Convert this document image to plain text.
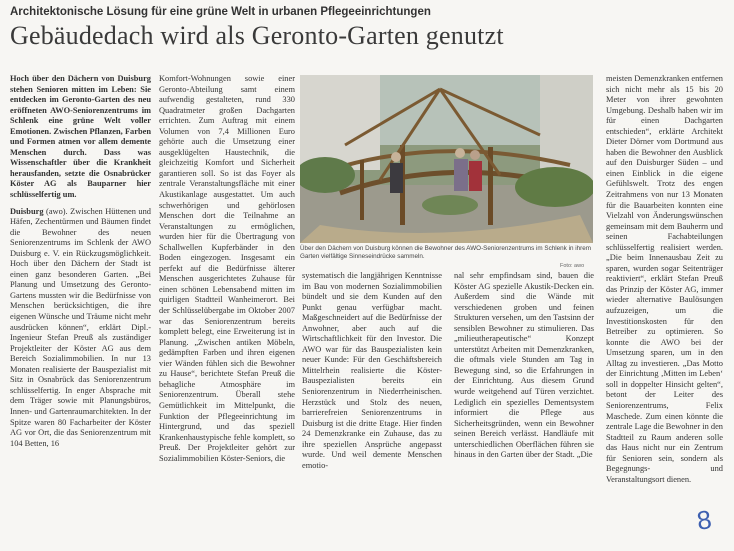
Architektonische Lösung für eine grüne Welt in urbanen Pflegeeinrichtungen
Gebäudedach wird als Geronto-Garten genutzt

Hoch über den Dächern von Duisburg stehen Senioren mitten im Leben: Sie entdecken im Geronto-Garten des neu eröffneten AWO-Seniorenzentrums im Schlenk eine grüne Welt voller Emotionen. Zwischen Pflanzen, Farben und Formen atmen vor allem demente Menschen durch. Dass was Wissenschaftler über die Krankheit herausfanden, setzte die Osnabrücker Köster AG als Bauparner hier schlüsselfertig um.

Duisburg (awo). Zwischen Hüttenen und Häfen, Zechentürmen und Bäumen findet die Bewohner des neuen Seniorenzentrums im Schlenk der AWO Duisburg e. V. ein Rückzugsmöglichkeit. Hoch über den Dächern der Stadt ist einen ganz besonderen Garten. „Bei Planung und Umsetzung des Geronto-Gartens mussten wir die Bedürfnisse von Menschen berücksichtigen, die ihre eigenen Wünsche und Träume nicht mehr ausdrücken können“, erklärt Dipl.-Ingenieur Stefan Preuß als zuständiger Projektleiter der Köster AG aus dem Bereich Sozialimmobilien. In nur 13 Monaten realisierte der Bauspezialist mit Sitz in Osnabrück das Seniorenzentrum schlüsselfertig. In enger Absprache mit dem Träger sowie mit Planungsbüros, Innen- und Gartenraumarchitekten. In der Spitze waren 80 Facharbeiter der Köster AG vor Ort, die das Seniorenzentrum mit 104 Betten, 16

Komfort-Wohnungen sowie einer Geronto-Abteilung samt einem aufwendig gestalteten, rund 330 Quadratmeter großen Dachgarten errichten. Zum Auftrag mit einem Volumen von 7,4 Millionen Euro gehörte auch die Umsetzung einer ausgeklügelten Haustechnik, die gleichzeitig Komfort und Sicherheit garantieren soll. So ist das Foyer als zentrale Veranstaltungsfläche mit einer Akustikanlage ausgestattet. Um auch schwerhörigen und gehörlosen Menschen dort die Teilnahme an Veranstaltungen zu ermöglichen, wurden hier für die Übertragung von Schallwellen Kupferbänder in den Boden eingezogen. Insgesamt ein perfekt auf die Bedürfnisse älterer Menschen ausgerichtetes Zuhause für einen schönen Lebensabend mitten im quirligen Stadtteil Wanheimerort. Bei der Schlüsselübergabe im Oktober 2007 war das Seniorenzentrum bereits komplett belegt, eine Erweiterung ist in Planung. „Zwischen antiken Möbeln, gedämpften Farben und ihren eigenen vier Wänden fühlen sich die Bewohner zu Hause“, berichtete Stefan Preuß die behagliche Atmosphäre im Seniorenzentrum. Überall stehe Gemütlichkeit im Mittelpunkt, die Funktion der Pflegeeinrichtung im Hintergrund, und das speziell Krankenhaustypische fehle komplett, so Preuß. Der Projektleiter gehört zur Sozialimmobilien Köster-Seniors, die

Über den Dächern von Duisburg können die Bewohner des AWO-Seniorenzentrums im Schlenk in ihrem Garten vielfältige Sinneseindrücke sammeln.
Foto: awo

systematisch die langjährigen Kenntnisse im Bau von modernen Sozialimmobilien bündelt und sie dem Kunden auf den Punkt genau verfügbar macht. Maßgeschneidert auf die Bedürfnisse der Anwohner, aber auch auf die Wirtschaftlichkeit für den Investor. Die AWO war für das Bauspezialisten kein neuer Kunde: Für den Geschäftsbereich Mittelrhein realisierte die Köster-Bauspezialisten bereits ein Seniorenzentrum in Niederrheinischen. Herzstück und Stolz des neuen, barrierefreien Seniorenzentrums in Duisburg ist die dritte Etage. Hier finden 24 Demenzkranke ein Zuhause, das zu ihre speziellen Ansprüche angepasst wurde. Und weil demente Menschen emotio-

nal sehr empfindsam sind, bauen die Köster AG spezielle Akustik-Decken ein. Außerdem sind die Wände mit verschiedenen groben und feinen Strukturen versehen, um den Tastsinn der sensiblen Bewohner zu stimulieren. Das „milieutherapeutische“ Konzept unterstützt Arbeiten mit Demenzkranken, die oftmals viele Stunden am Tag in Bewegung sind, so die Erfahrungen in der Einrichtung. Aus diesem Grund wurde weitgehend auf Türen verzichtet. Lediglich ein spezielles Dementsystem informiert die Pflege aus Sicherheitsgründen, wenn ein Bewohner seinen Bereich verlässt. Handläufe mit unterschiedlichen Oberflächen führen sie hinaus in den Garten über der Stadt. „Die

meisten Demenzkranken entfernen sich nicht mehr als 15 bis 20 Meter von ihrer gewohnten Umgebung. Deshalb haben wir im für einen Dachgarten entschieden“, erklärte Architekt Dieter Dörner vom Dortmund aus haben die Bewohner den Ausblick auf den Duisburger Süden – und einen Einblick in die eigene Gefühlswelt. Trotz des engen Zeitrahmens von nur 13 Monaten für die Bauarbeiten konnten eine Vielzahl von Änderungswünschen gemeinsam mit dem Bauherrn und seinen Fachabteilungen schlüsselfertig realisiert werden. „Die beim Innenausbau Zeit zu sparen, wurden sogar Seitenträger reaktiviert“, erklärt Stefan Preuß das Prinzip der Köster AG, immer wieder alternative Baulösungen aufzuzeigen, um die Investitionskosten für den Betreiber zu optimieren. So konnte die AWO bei der Umsetzung sparen, um in den Alltag zu investieren. „Das Motto der Einrichtung ‚Mitten im Leben‘ soll in doppelter Hinsicht gelten“, betont der Leiter des Seniorenzentrums, Felix Maschede. Zum einen könnte die zentrale Lage die Bewohner in den Stadtteil zu Raum anderen solle das Haus nicht nur ein Zentrum für Senioren sein, sondern als Begegnungs- und Veranstaltungsort dienen.

8
